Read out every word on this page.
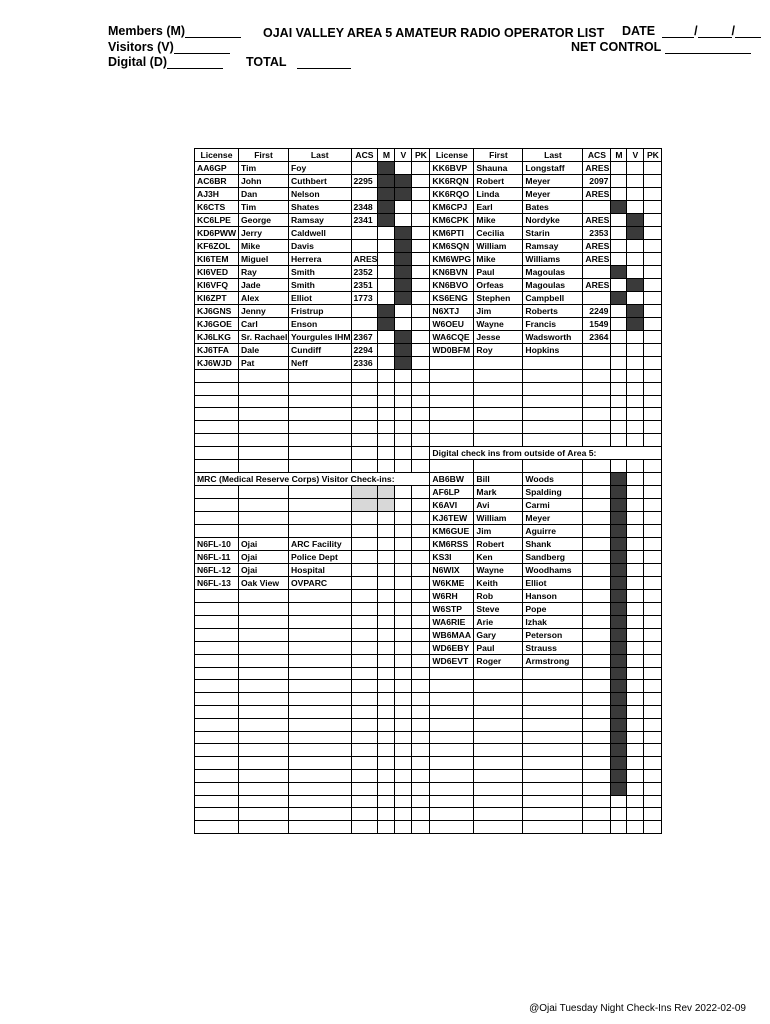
Members (M)
Visitors (V)
Digital (D)	TOTAL
OJAI VALLEY AREA 5 AMATEUR RADIO OPERATOR LIST DATE	/	/
NET CONTROL
License	First	Last	ACS	M	V	PK	License	First	Last	ACS	M	V	PK
AA6GP	Tim	Foy					KK6BVP	Shauna	Longstaff	ARES			
AC6BR	John	Cuthbert	2295				KK6RQN	Robert	Meyer	2097			
AJ3H	Dan	Nelson					KK6RQO	Linda	Meyer	ARES			
K6CTS	Tim	Shates	2348				KM6CPJ	Earl	Bates				
KC6LPE	George	Ramsay	2341				KM6CPK	Mike	Nordyke	ARES			
KD6PWW	Jerry	Caldwell					KM6PTI	Cecilia	Starin	2353			
KF6ZOL	Mike	Davis					KM6SQN	William	Ramsay	ARES			
KI6TEM	Miguel	Herrera	ARES				KM6WPG	Mike	Williams	ARES			
KI6VED	Ray	Smith	2352				KN6BVN	Paul	Magoulas				
KI6VFQ	Jade	Smith	2351				KN6BVO	Orfeas	Magoulas	ARES			
KI6ZPT	Alex	Elliot	1773				KS6ENG	Stephen	Campbell				
KJ6GNS	Jenny	Fristrup					N6XTJ	Jim	Roberts	2249			
KJ6GOE	Carl	Enson					W6OEU	Wayne	Francis	1549			
KJ6LKG	Sr. Rachael	Yourgules IHM	2367				WA6CQE	Jesse	Wadsworth	2364			
KJ6TFA	Dale	Cundiff	2294				WD0BFM	Roy	Hopkins				
KJ6WJD	Pat	Neff	2336										

							Digital check ins from outside of Area 5:						

MRC (Medical Reserve Corps) Visitor Check-ins:							AB6BW	Bill	Woods				
							AF6LP	Mark	Spalding				
							K6AVI	Avi	Carmi				
							KJ6TEW	William	Meyer				
							KM6GUE	Jim	Aguirre				
N6FL-10	Ojai	ARC Facility					KM6RSS	Robert	Shank				
N6FL-11	Ojai	Police Dept					KS3I	Ken	Sandberg				
N6FL-12	Ojai	Hospital					N6WIX	Wayne	Woodhams				
N6FL-13	Oak View	OVPARC					W6KME	Keith	Elliot				
							W6RH	Rob	Hanson				
							W6STP	Steve	Pope				
							WA6RIE	Arie	Izhak				
							WB6MAA	Gary	Peterson				
							WD6EBY	Paul	Strauss				
							WD6EVT	Roger	Armstrong				

@Ojai Tuesday Night Check-Ins Rev 2022-02-09
